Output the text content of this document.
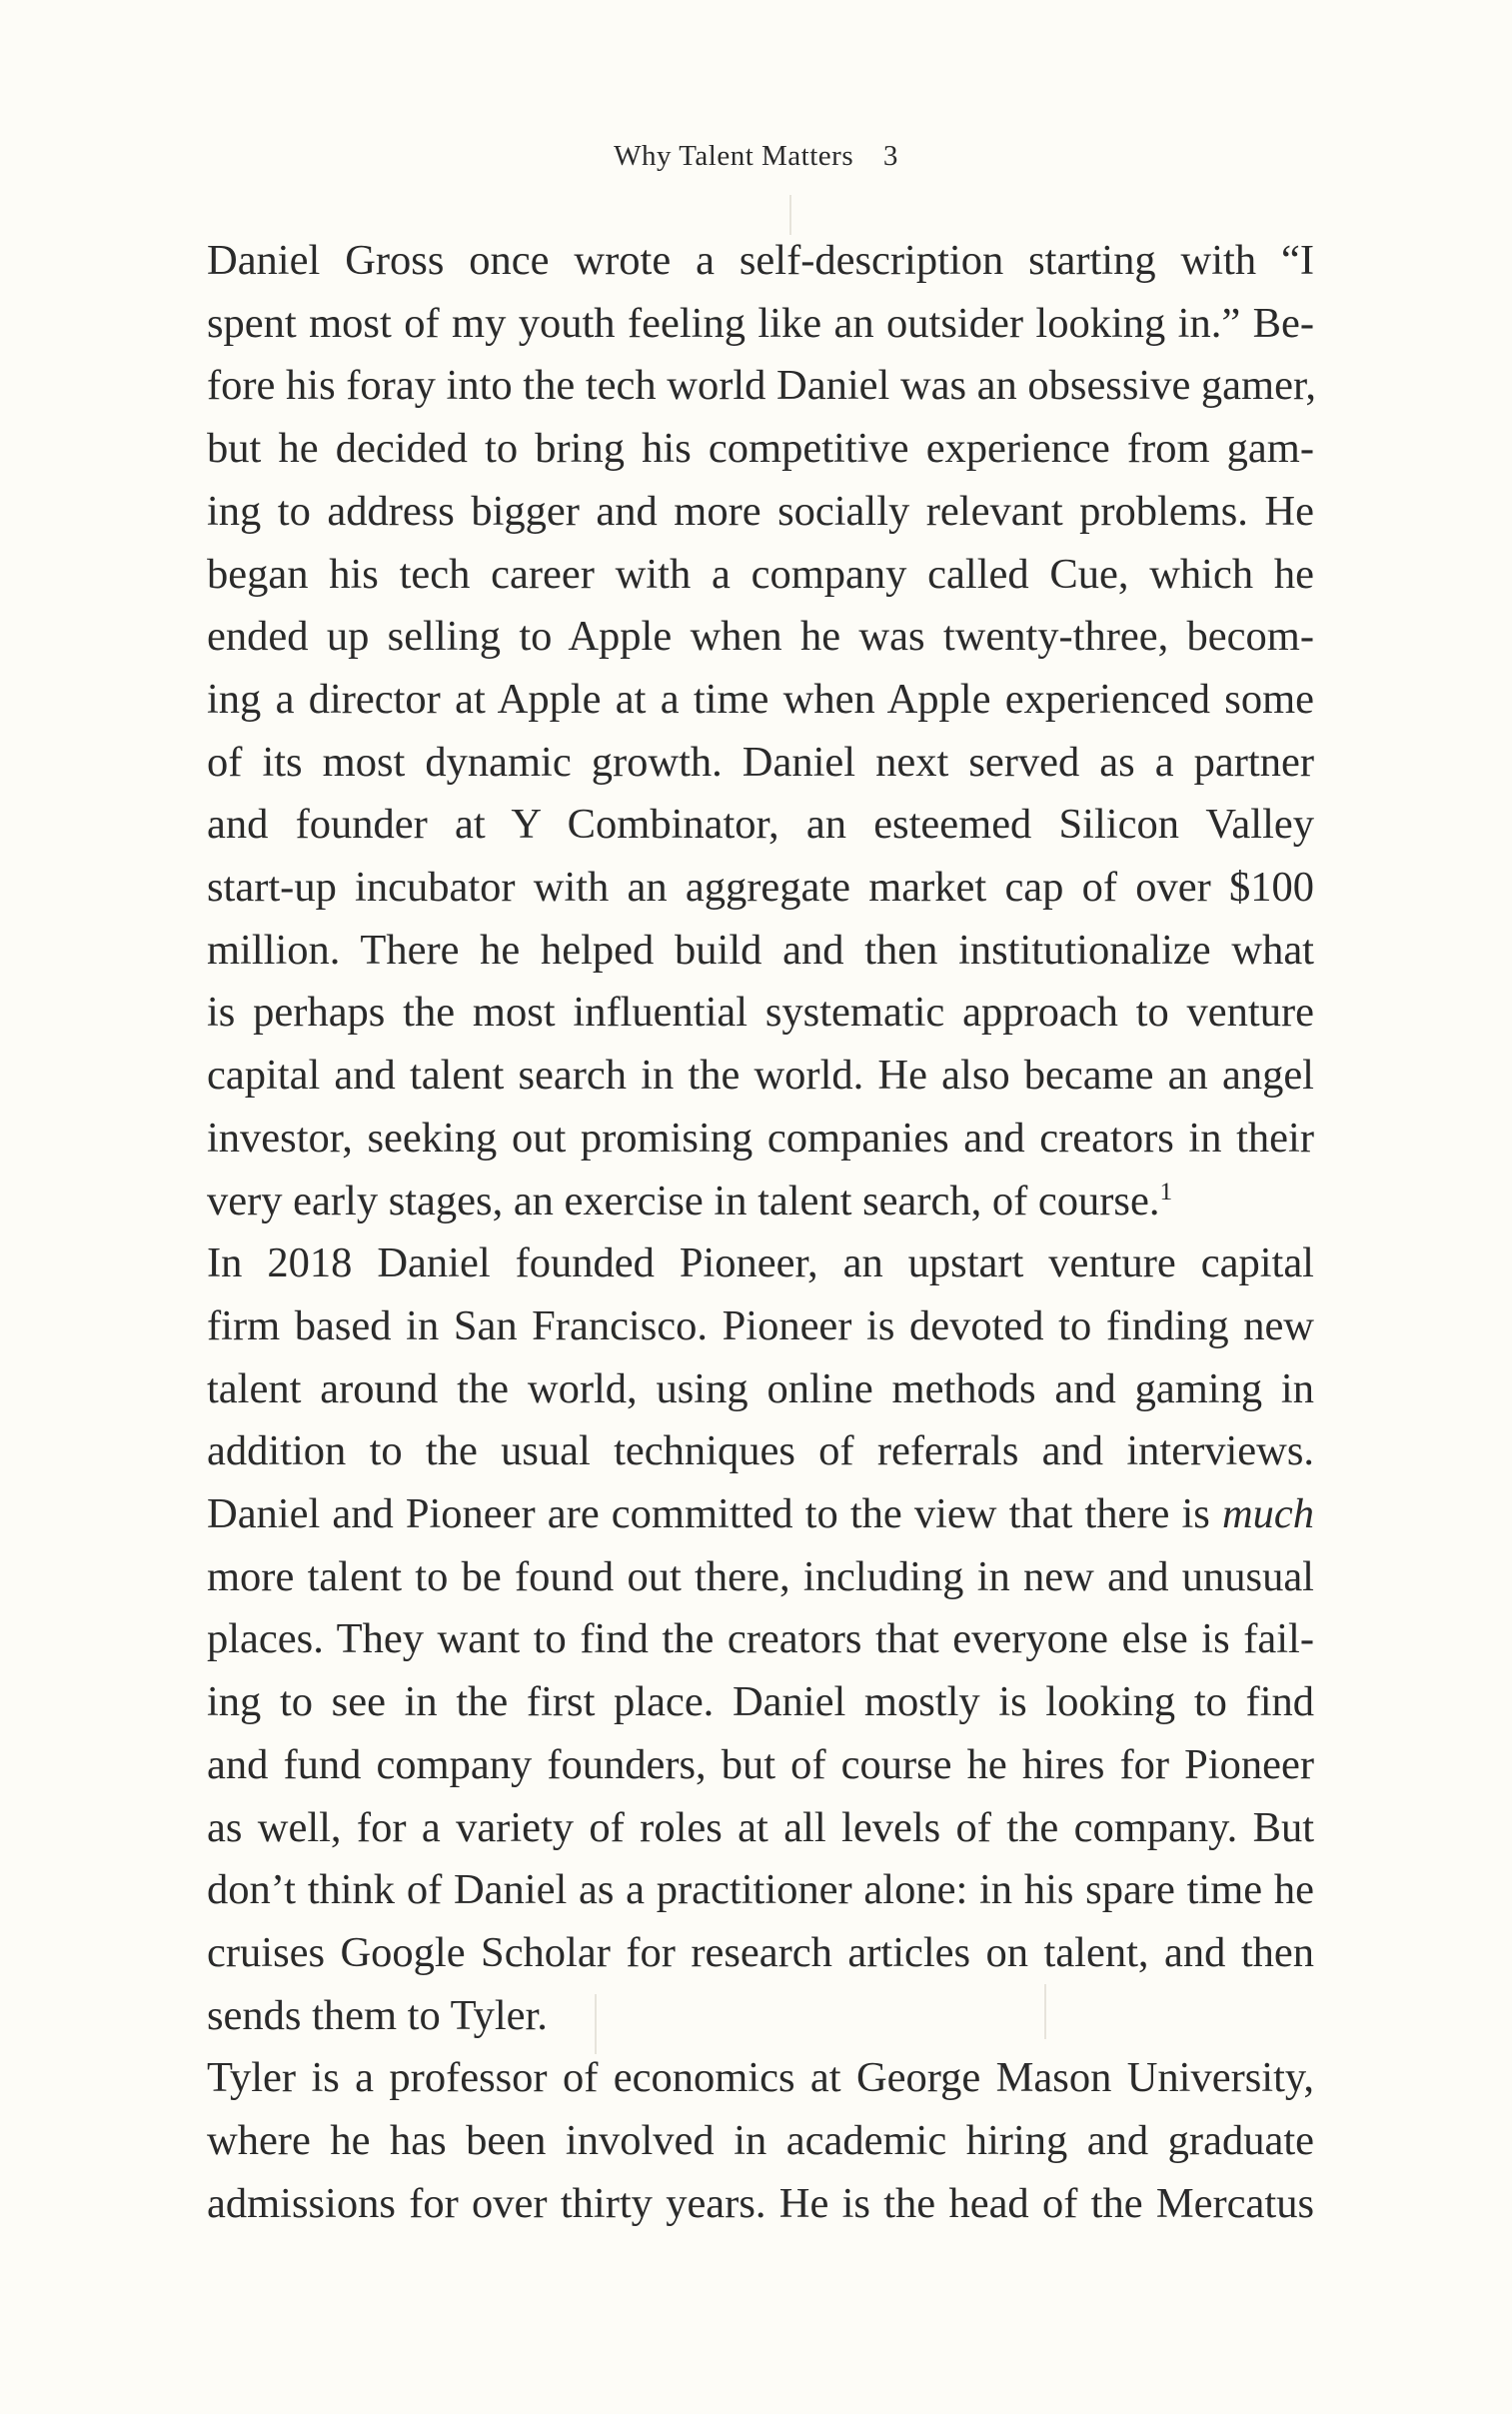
Why Talent Matters 3

Daniel Gross once wrote a self-description starting with “I
spent most of my youth feeling like an outsider looking in.” Be-
fore his foray into the tech world Daniel was an obsessive gamer,
but he decided to bring his competitive experience from gam-
ing to address bigger and more socially relevant problems. He
began his tech career with a company called Cue, which he
ended up selling to Apple when he was twenty-three, becom-
ing a director at Apple at a time when Apple experienced some
of its most dynamic growth. Daniel next served as a partner
and founder at Y Combinator, an esteemed Silicon Valley
start-up incubator with an aggregate market cap of over $100
million. There he helped build and then institutionalize what
is perhaps the most influential systematic approach to venture
capital and talent search in the world. He also became an angel
investor, seeking out promising companies and creators in their
very early stages, an exercise in talent search, of course.$^1$

In 2018 Daniel founded Pioneer, an upstart venture capital
firm based in San Francisco. Pioneer is devoted to finding new
talent around the world, using online methods and gaming in
addition to the usual techniques of referrals and interviews.
Daniel and Pioneer are committed to the view that there is much
more talent to be found out there, including in new and unusual
places. They want to find the creators that everyone else is fail-
ing to see in the first place. Daniel mostly is looking to find
and fund company founders, but of course he hires for Pioneer
as well, for a variety of roles at all levels of the company. But
don’t think of Daniel as a practitioner alone: in his spare time he
cruises Google Scholar for research articles on talent, and then
sends them to Tyler.

Tyler is a professor of economics at George Mason University,
where he has been involved in academic hiring and graduate
admissions for over thirty years. He is the head of the Mercatus
